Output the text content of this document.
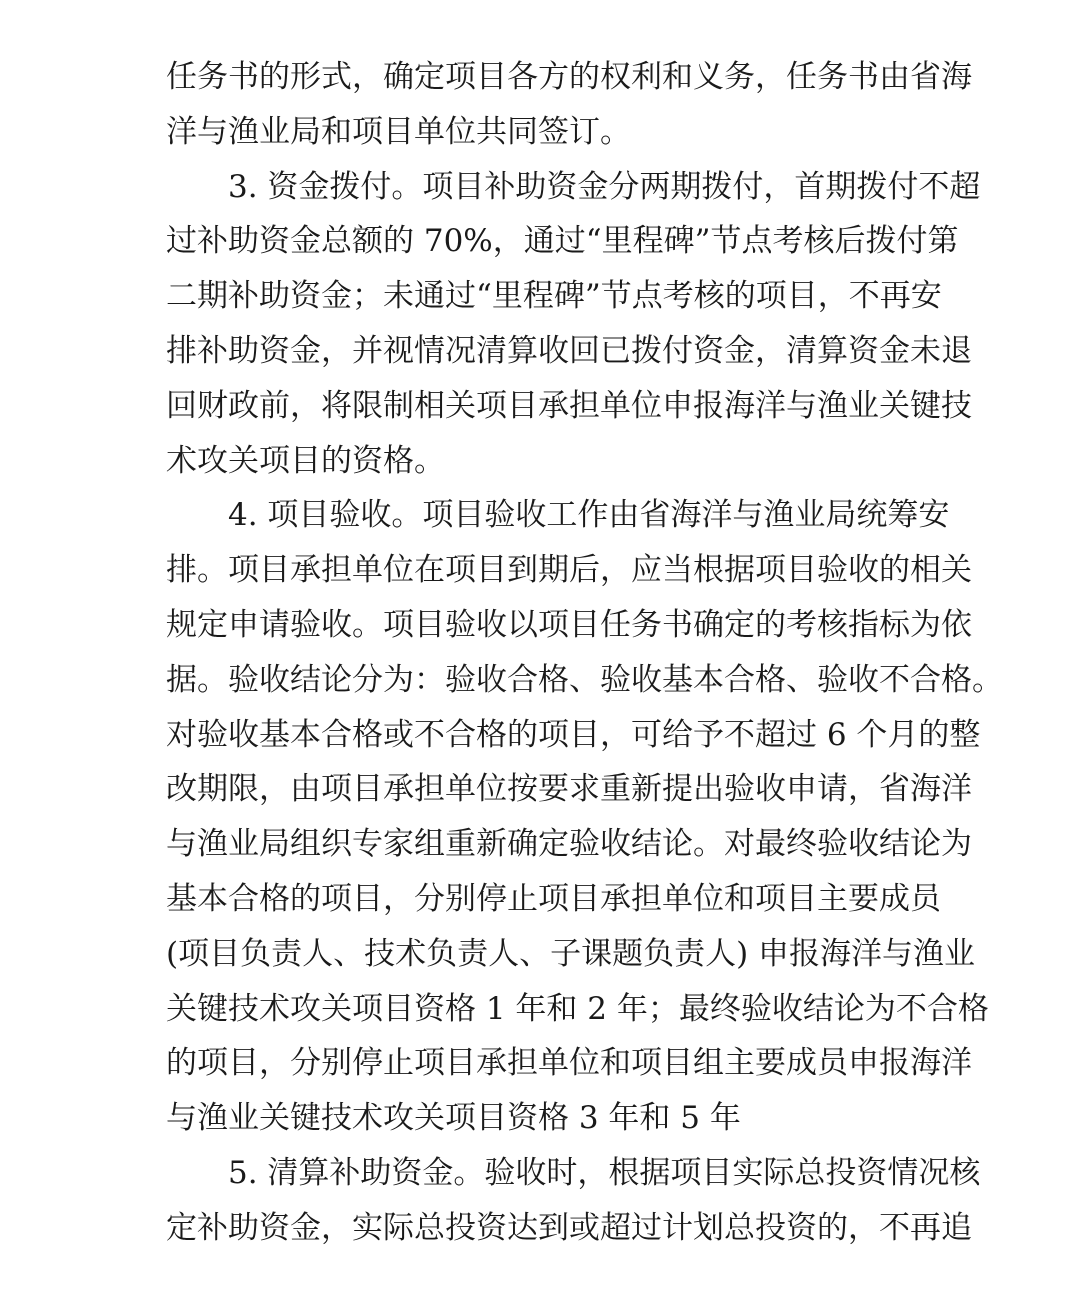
任务书的形式，确定项目各方的权利和义务，任务书由省海
洋与渔业局和项目单位共同签订。
3. 资金拨付。项目补助资金分两期拨付，首期拨付不超
过补助资金总额的 70%，通过“里程碑”节点考核后拨付第
二期补助资金；未通过“里程碑”节点考核的项目，不再安
排补助资金，并视情况清算收回已拨付资金，清算资金未退
回财政前，将限制相关项目承担单位申报海洋与渔业关键技
术攻关项目的资格。
4. 项目验收。项目验收工作由省海洋与渔业局统筹安
排。项目承担单位在项目到期后，应当根据项目验收的相关
规定申请验收。项目验收以项目任务书确定的考核指标为依
据。验收结论分为：验收合格、验收基本合格、验收不合格。
对验收基本合格或不合格的项目，可给予不超过 6 个月的整
改期限，由项目承担单位按要求重新提出验收申请，省海洋
与渔业局组织专家组重新确定验收结论。对最终验收结论为
基本合格的项目，分别停止项目承担单位和项目主要成员
(项目负责人、技术负责人、子课题负责人) 申报海洋与渔业
关键技术攻关项目资格 1 年和 2 年；最终验收结论为不合格
的项目，分别停止项目承担单位和项目组主要成员申报海洋
与渔业关键技术攻关项目资格 3 年和 5 年
5. 清算补助资金。验收时，根据项目实际总投资情况核
定补助资金，实际总投资达到或超过计划总投资的，不再追
